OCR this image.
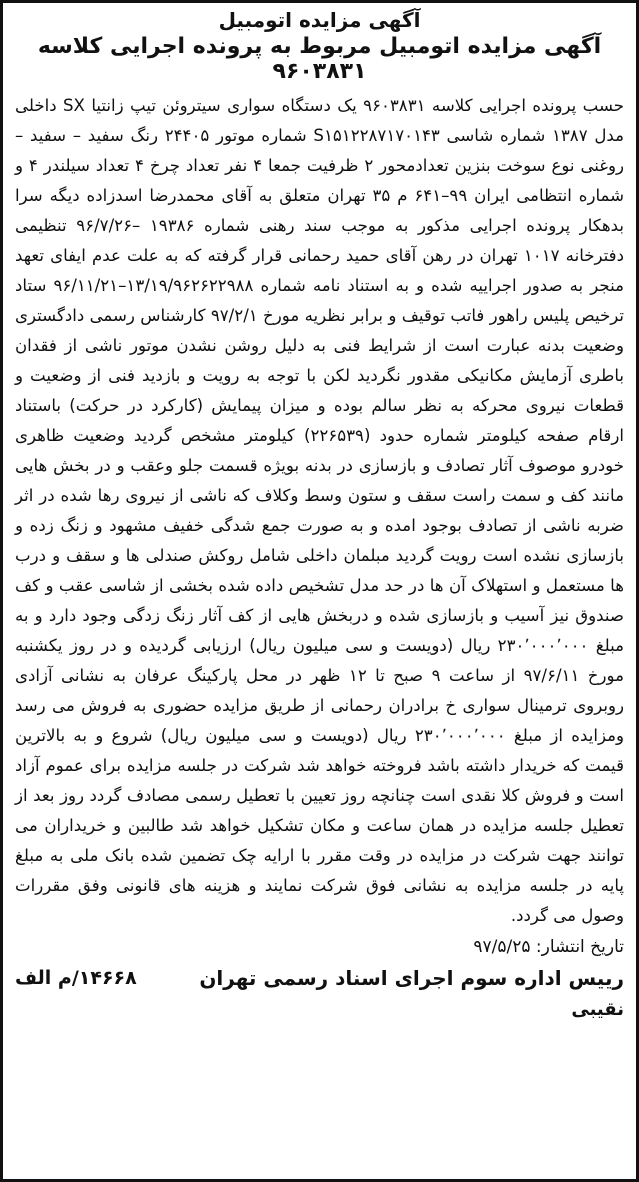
آگهی مزایده اتومبیل
آگهی مزایده اتومبیل مربوط به پرونده اجرایی کلاسه
۹۶۰۳۸۳۱

حسب پرونده اجرایی کلاسه ۹۶۰۳۸۳۱ یک دستگاه سواری سیتروئن تیپ زانتیا SX داخلی مدل ۱۳۸۷ شماره شاسی S۱۵۱۲۲۸۷۱۷۰۱۴۳ شماره موتور ۲۴۴۰۵ رنگ سفید – سفید – روغنی نوع سوخت بنزین تعدادمحور ۲ ظرفیت جمعا ۴ نفر تعداد چرخ ۴ تعداد سیلندر ۴ و شماره انتظامی ایران ۹۹–۶۴۱ م ۳۵ تهران متعلق به آقای محمدرضا اسدزاده دیگه سرا بدهکار پرونده اجرایی مذکور به موجب سند رهنی شماره ۱۹۳۸۶ –۹۶/۷/۲۶ تنظیمی دفترخانه ۱۰۱۷ تهران در رهن آقای حمید رحمانی قرار گرفته که به علت عدم ایفای تعهد منجر به صدور اجراییه شده و به استناد نامه شماره ۱۳/۱۹/۹۶۲۶۲۲۹۸۸–۹۶/۱۱/۲۱ ستاد ترخیص پلیس راهور فاتب توقیف و برابر نظریه مورخ ۹۷/۲/۱ کارشناس رسمی دادگستری وضعیت بدنه عبارت است از شرایط فنی به دلیل روشن نشدن موتور ناشی از فقدان باطری آزمایش مکانیکی مقدور نگردید لکن با توجه به رویت و بازدید فنی از وضعیت و قطعات نیروی محرکه به نظر سالم بوده و میزان پیمایش (کارکرد در حرکت) باستناد ارقام صفحه کیلومتر شماره حدود (۲۲۶۵۳۹) کیلومتر مشخص گردید وضعیت ظاهری خودرو موصوف آثار تصادف و بازسازی در بدنه بویژه قسمت جلو وعقب و در بخش هایی مانند کف و سمت راست سقف و ستون وسط وکلاف که ناشی از نیروی رها شده در اثر ضربه ناشی از تصادف بوجود امده و به صورت جمع شدگی خفیف مشهود و زنگ زده و بازسازی نشده است رویت گردید مبلمان داخلی شامل روکش صندلی ها و سقف و درب ها مستعمل و استهلاک آن ها در حد مدل تشخیص داده شده بخشی از شاسی عقب و کف صندوق نیز آسیب و بازسازی شده و دربخش هایی از کف آثار زنگ زدگی وجود دارد و به مبلغ ۲۳۰٬۰۰۰٬۰۰۰ ریال (دویست و سی میلیون ریال) ارزیابی گردیده و در روز یکشنبه مورخ ۹۷/۶/۱۱ از ساعت ۹ صبح تا ۱۲ ظهر در محل پارکینگ عرفان به نشانی آزادی روبروی ترمینال سواری خ برادران رحمانی از طریق مزایده حضوری به فروش می رسد ومزایده از مبلغ ۲۳۰٬۰۰۰٬۰۰۰ ریال (دویست و سی میلیون ریال) شروع و به بالاترین قیمت که خریدار داشته باشد فروخته خواهد شد شرکت در جلسه مزایده برای عموم آزاد است و فروش کلا نقدی است چنانچه روز تعیین با تعطیل رسمی مصادف گردد روز بعد از تعطیل جلسه مزایده در همان ساعت و مکان تشکیل خواهد شد طالبین و خریداران می توانند جهت شرکت در مزایده در وقت مقرر با ارایه چک تضمین شده بانک ملی به مبلغ پایه در جلسه مزایده به نشانی فوق شرکت نمایند و هزینه های قانونی وفق مقررات وصول می گردد.

تاریخ انتشار: ۹۷/۵/۲۵
رییس اداره سوم اجرای اسناد رسمی تهران
نقیبی
۱۴۶۶۸/م الف
